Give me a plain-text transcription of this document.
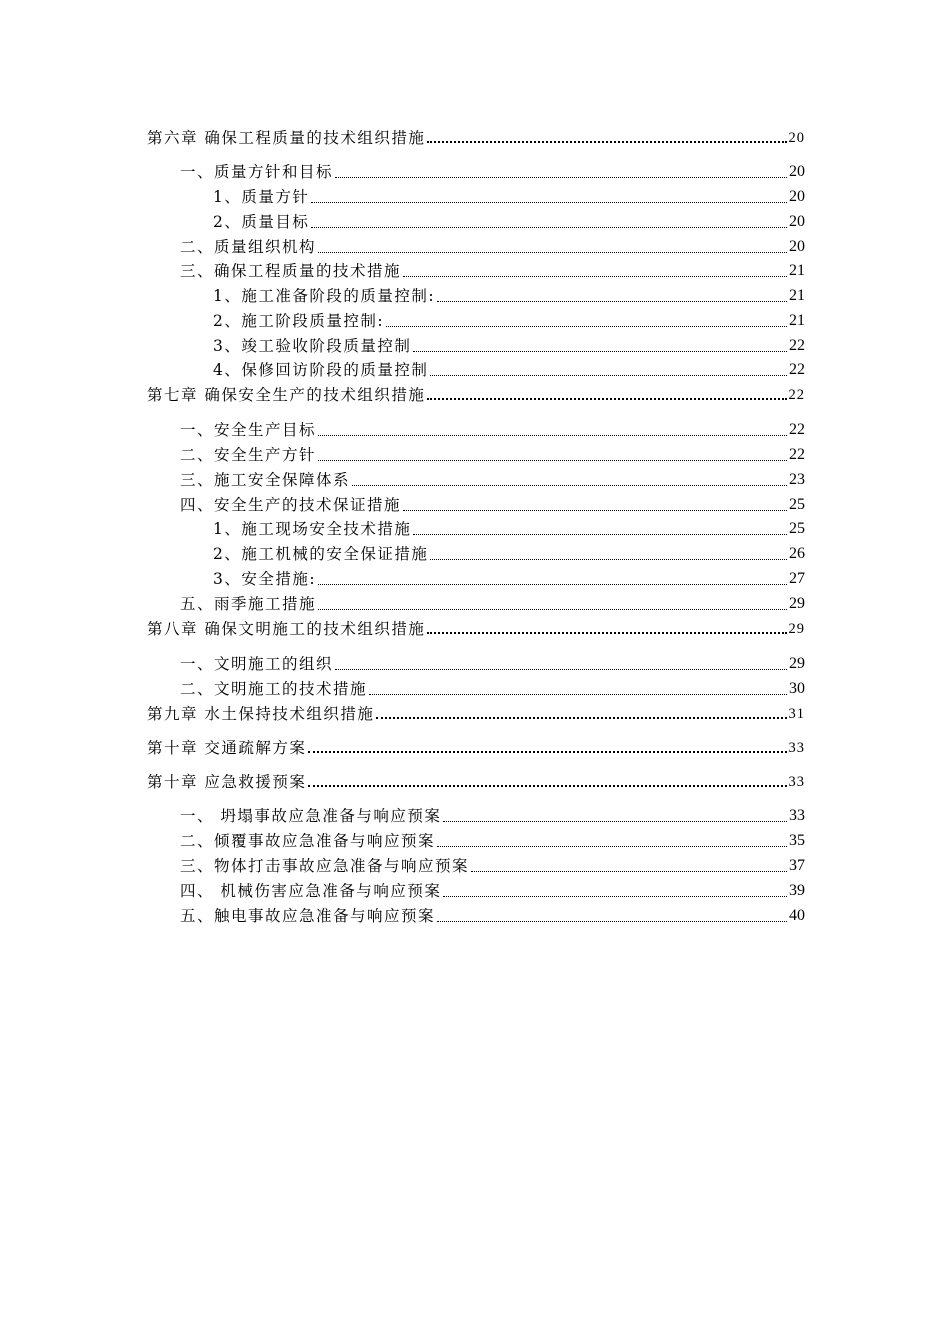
第六章 确保工程质量的技术组织措施	20
一、质量方针和目标	20
1、质量方针	20
2、质量目标	20
二、质量组织机构	20
三、确保工程质量的技术措施	21
1、施工准备阶段的质量控制:	21
2、施工阶段质量控制:	21
3、竣工验收阶段质量控制	22
4、保修回访阶段的质量控制	22
第七章 确保安全生产的技术组织措施	22
一、安全生产目标	22
二、安全生产方针	22
三、施工安全保障体系	23
四、安全生产的技术保证措施	25
1、施工现场安全技术措施	25
2、施工机械的安全保证措施	26
3、安全措施:	27
五、雨季施工措施	29
第八章 确保文明施工的技术组织措施	29
一、文明施工的组织	29
二、文明施工的技术措施	30
第九章 水土保持技术组织措施	31
第十章 交通疏解方案	33
第十章 应急救援预案	33
一、 坍塌事故应急准备与响应预案	33
二、倾覆事故应急准备与响应预案	35
三、物体打击事故应急准备与响应预案	37
四、 机械伤害应急准备与响应预案	39
五、触电事故应急准备与响应预案	40
